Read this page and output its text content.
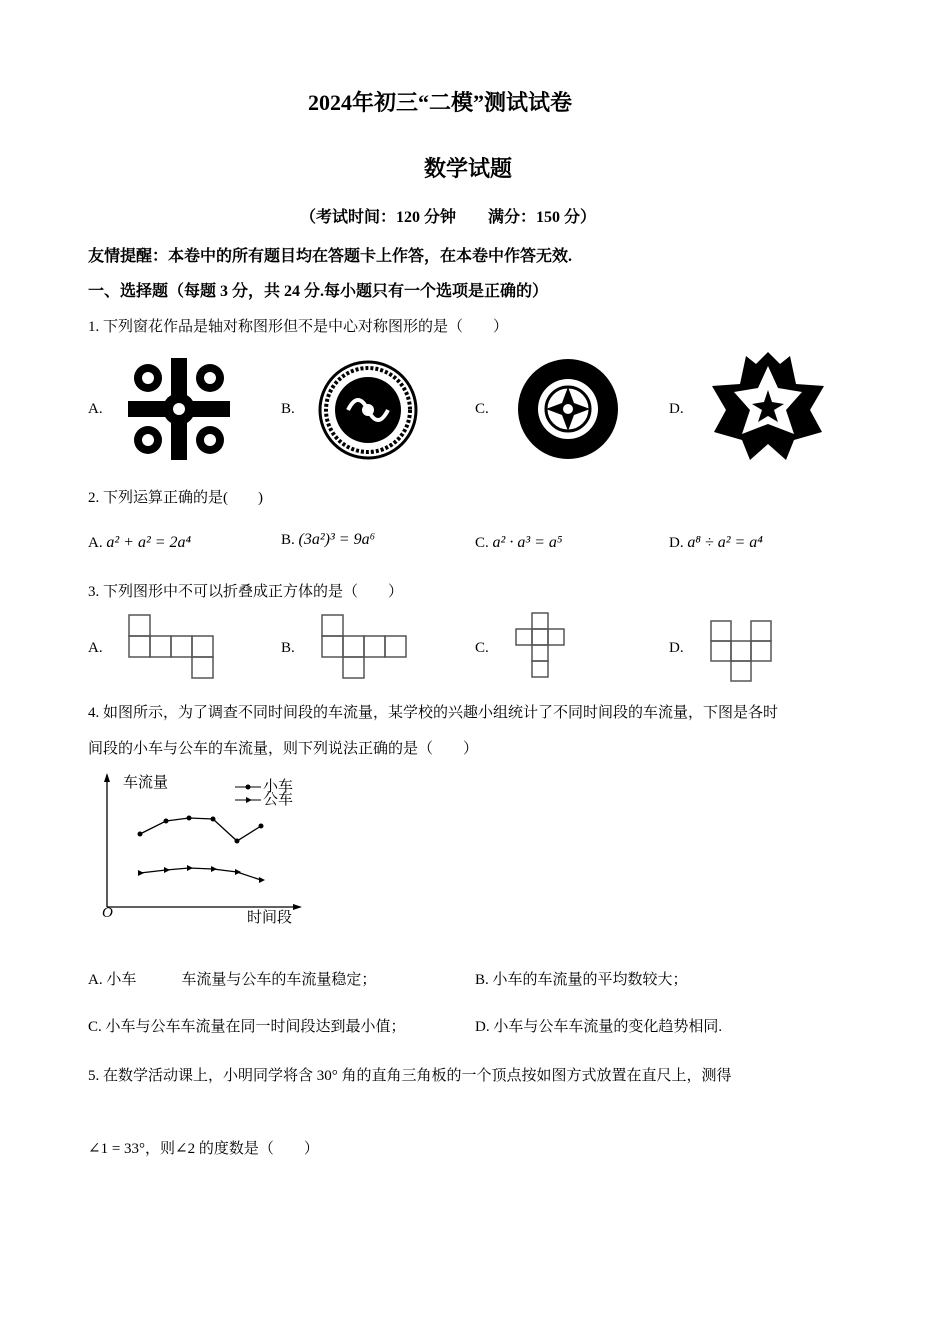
2024年初三“二模”测试试卷
数学试题
（考试时间：120 分钟　　满分：150 分）
友情提醒：本卷中的所有题目均在答题卡上作答，在本卷中作答无效.
一、选择题（每题 3 分，共 24 分.每小题只有一个选项是正确的）
1. 下列窗花作品是轴对称图形但不是中心对称图形的是（　　）
A.	B.	C.	D.
2. 下列运算正确的是(　　)
A. a² + a² = 2a⁴	B. (3a²)³ = 9a⁶	C. a² · a³ = a⁵	D. a⁸ ÷ a² = a⁴
3. 下列图形中不可以折叠成正方体的是（　　）
A.	B.	C.	D.
4. 如图所示，为了调查不同时间段的车流量，某学校的兴趣小组统计了不同时间段的车流量，下图是各时
间段的小车与公车的车流量，则下列说法正确的是（　　）
车流量
时间段
O
小车
公车
A. 小车　　　车流量与公车的车流量稳定；	B. 小车的车流量的平均数较大；
C. 小车与公车车流量在同一时间段达到最小值；	D. 小车与公车车流量的变化趋势相同.
5. 在数学活动课上，小明同学将含 30° 角的直角三角板的一个顶点按如图方式放置在直尺上，测得
∠1 = 33°，则∠2 的度数是（　　）
